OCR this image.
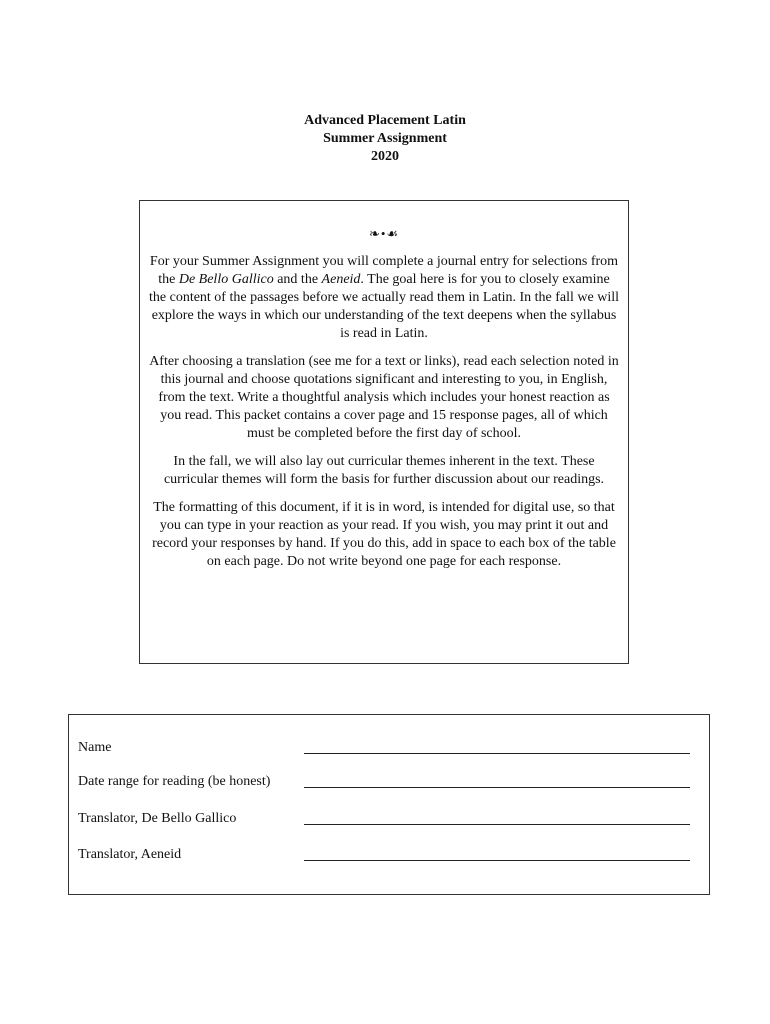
Advanced Placement Latin
Summer Assignment
2020
❧•☙

For your Summer Assignment you will complete a journal entry for selections from the De Bello Gallico and the Aeneid. The goal here is for you to closely examine the content of the passages before we actually read them in Latin. In the fall we will explore the ways in which our understanding of the text deepens when the syllabus is read in Latin.

After choosing a translation (see me for a text or links), read each selection noted in this journal and choose quotations significant and interesting to you, in English, from the text. Write a thoughtful analysis which includes your honest reaction as you read. This packet contains a cover page and 15 response pages, all of which must be completed before the first day of school.

In the fall, we will also lay out curricular themes inherent in the text. These curricular themes will form the basis for further discussion about our readings.

The formatting of this document, if it is in word, is intended for digital use, so that you can type in your reaction as your read. If you wish, you may print it out and record your responses by hand. If you do this, add in space to each box of the table on each page. Do not write beyond one page for each response.

Name
Date range for reading (be honest)
Translator, De Bello Gallico
Translator, Aeneid
